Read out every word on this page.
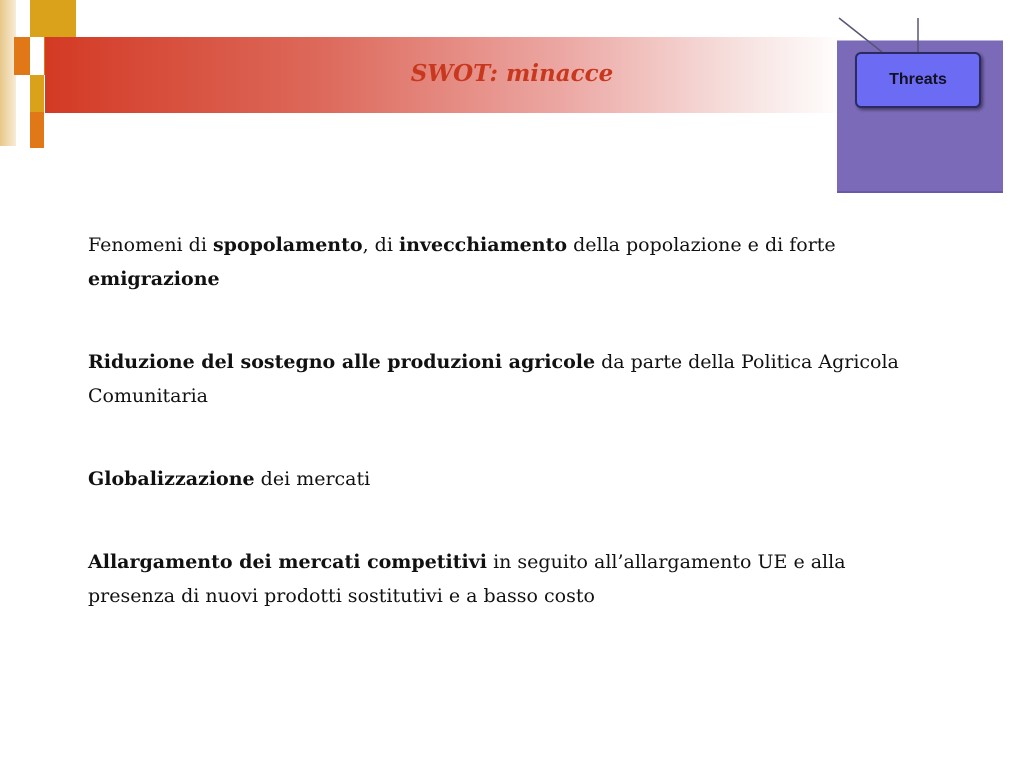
SWOT: minacce	Threats

Fenomeni di spopolamento, di invecchiamento della popolazione e di forte
emigrazione

Riduzione del sostegno alle produzioni agricole da parte della Politica Agricola Comunitaria

Globalizzazione dei mercati

Allargamento dei mercati competitivi in seguito all’allargamento UE e alla presenza di nuovi prodotti sostitutivi e a basso costo
